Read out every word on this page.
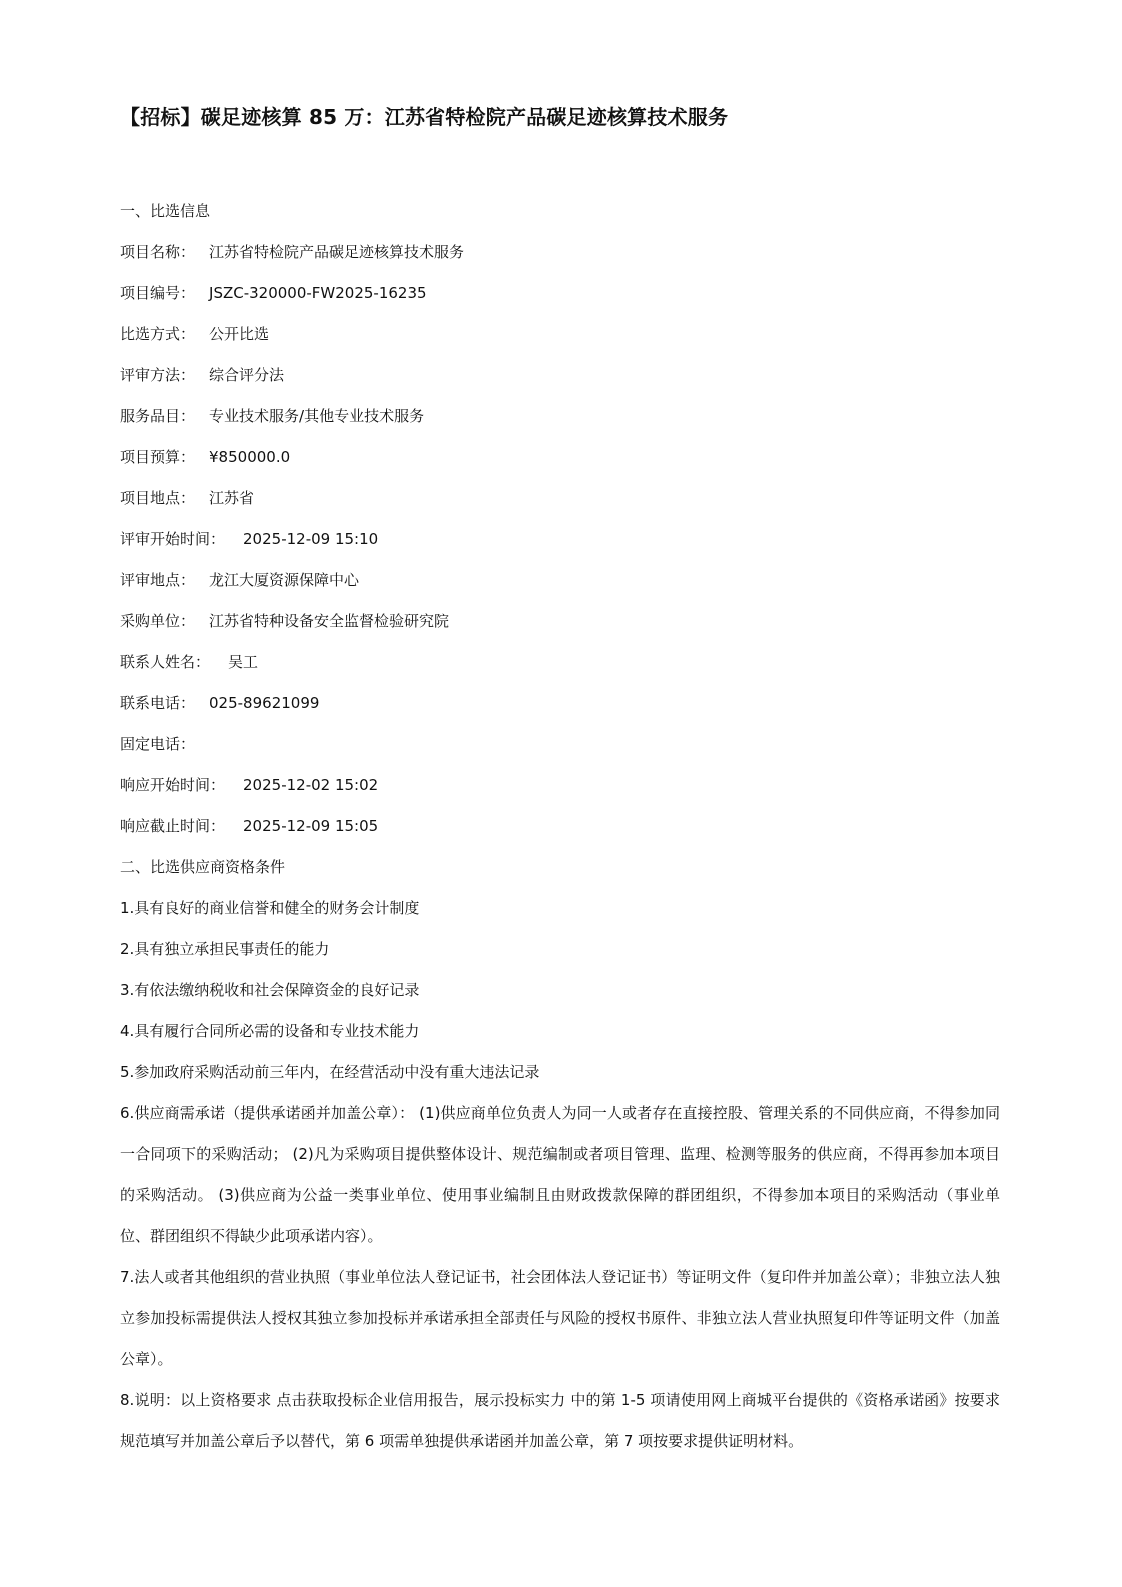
【招标】碳足迹核算 85 万：江苏省特检院产品碳足迹核算技术服务
一、比选信息
项目名称： 江苏省特检院产品碳足迹核算技术服务
项目编号： JSZC-320000-FW2025-16235
比选方式： 公开比选
评审方法： 综合评分法
服务品目： 专业技术服务/其他专业技术服务
项目预算： ¥850000.0
项目地点： 江苏省
评审开始时间： 2025-12-09 15:10
评审地点： 龙江大厦资源保障中心
采购单位： 江苏省特种设备安全监督检验研究院
联系人姓名： 吴工
联系电话： 025-89621099
固定电话：
响应开始时间： 2025-12-02 15:02
响应截止时间： 2025-12-09 15:05
二、比选供应商资格条件

1.具有良好的商业信誉和健全的财务会计制度

2.具有独立承担民事责任的能力

3.有依法缴纳税收和社会保障资金的良好记录

4.具有履行合同所必需的设备和专业技术能力

5.参加政府采购活动前三年内，在经营活动中没有重大违法记录

6.供应商需承诺（提供承诺函并加盖公章）： (1)供应商单位负责人为同一人或者存在直接控股、管理关系的不同供应商，不得参加同一合同项下的采购活动； (2)凡为采购项目提供整体设计、规范编制或者项目管理、监理、检测等服务的供应商，不得再参加本项目的采购活动。 (3)供应商为公益一类事业单位、使用事业编制且由财政拨款保障的群团组织，不得参加本项目的采购活动（事业单位、群团组织不得缺少此项承诺内容）。

7.法人或者其他组织的营业执照（事业单位法人登记证书，社会团体法人登记证书）等证明文件（复印件并加盖公章）；非独立法人独立参加投标需提供法人授权其独立参加投标并承诺承担全部责任与风险的授权书原件、非独立法人营业执照复印件等证明文件（加盖公章）。

8.说明：以上资格要求 点击获取投标企业信用报告，展示投标实力 中的第 1-5 项请使用网上商城平台提供的《资格承诺函》按要求规范填写并加盖公章后予以替代，第 6 项需单独提供承诺函并加盖公章，第 7 项按要求提供证明材料。
